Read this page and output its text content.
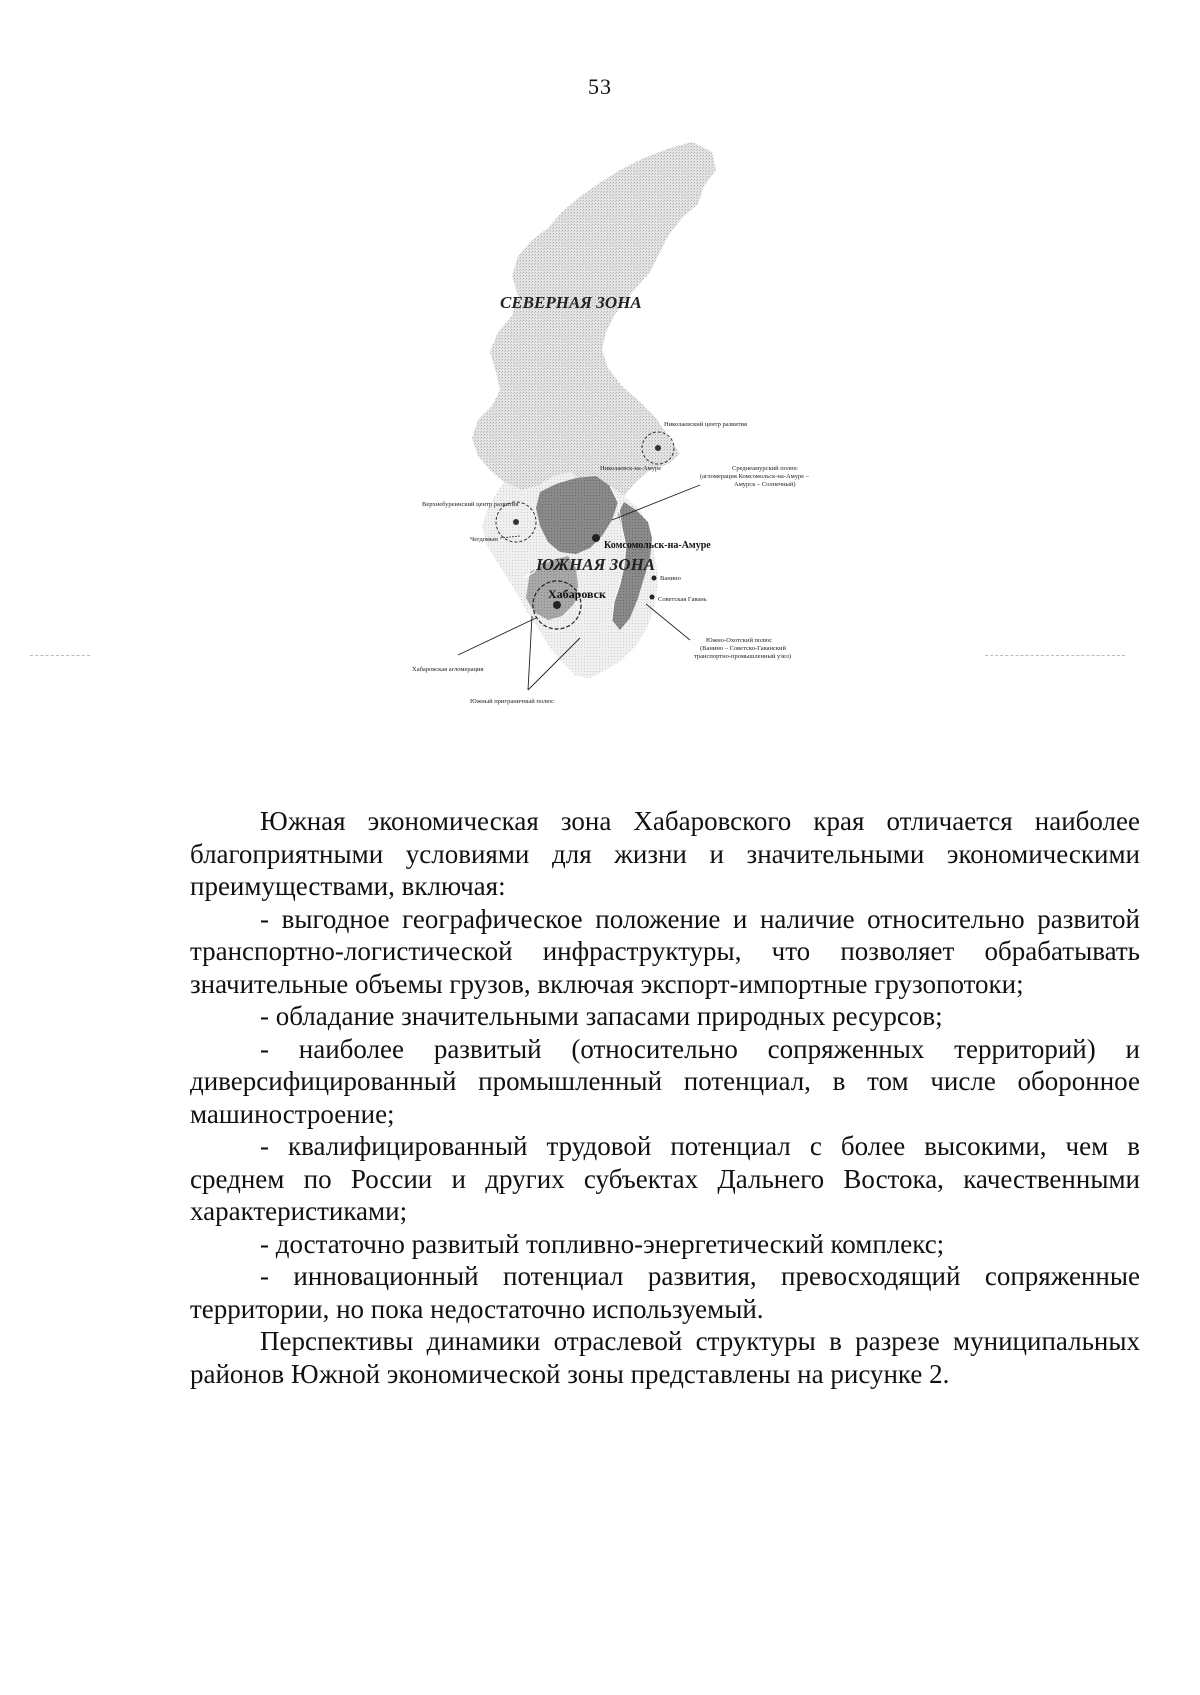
53
СЕВЕРНАЯ ЗОНА
ЮЖНАЯ ЗОНА
Хабаровск
Комсомольск-на-Амуре
Николаевск-на-Амуре
Чегдомын
Ванино
Советская Гавань
Николаевский центр развития
Среднеамурский полюс
(агломерация Комсомольск-на-Амуре –
Амурск – Солнечный)
Верхнебуреинский центр развития
Южно-Охотский полюс
(Ванино – Советско-Гаванский
транспортно-промышленный узел)
Хабаровская агломерация
Южный приграничный полюс

Южная экономическая зона Хабаровского края отличается наиболее благоприятными условиями для жизни и значительными экономическими преимуществами, включая:

- выгодное географическое положение и наличие относительно развитой транспортно-логистической инфраструктуры, что позволяет обрабатывать значительные объемы грузов, включая экспорт-импортные грузопотоки;

- обладание значительными запасами природных ресурсов;

- наиболее развитый (относительно сопряженных территорий) и диверсифицированный промышленный потенциал, в том числе оборонное машиностроение;

- квалифицированный трудовой потенциал с более высокими, чем в среднем по России и других субъектах Дальнего Востока, качественными характеристиками;

- достаточно развитый топливно-энергетический комплекс;

- инновационный потенциал развития, превосходящий сопряженные территории, но пока недостаточно используемый.

Перспективы динамики отраслевой структуры в разрезе муниципальных районов Южной экономической зоны представлены на рисунке 2.
